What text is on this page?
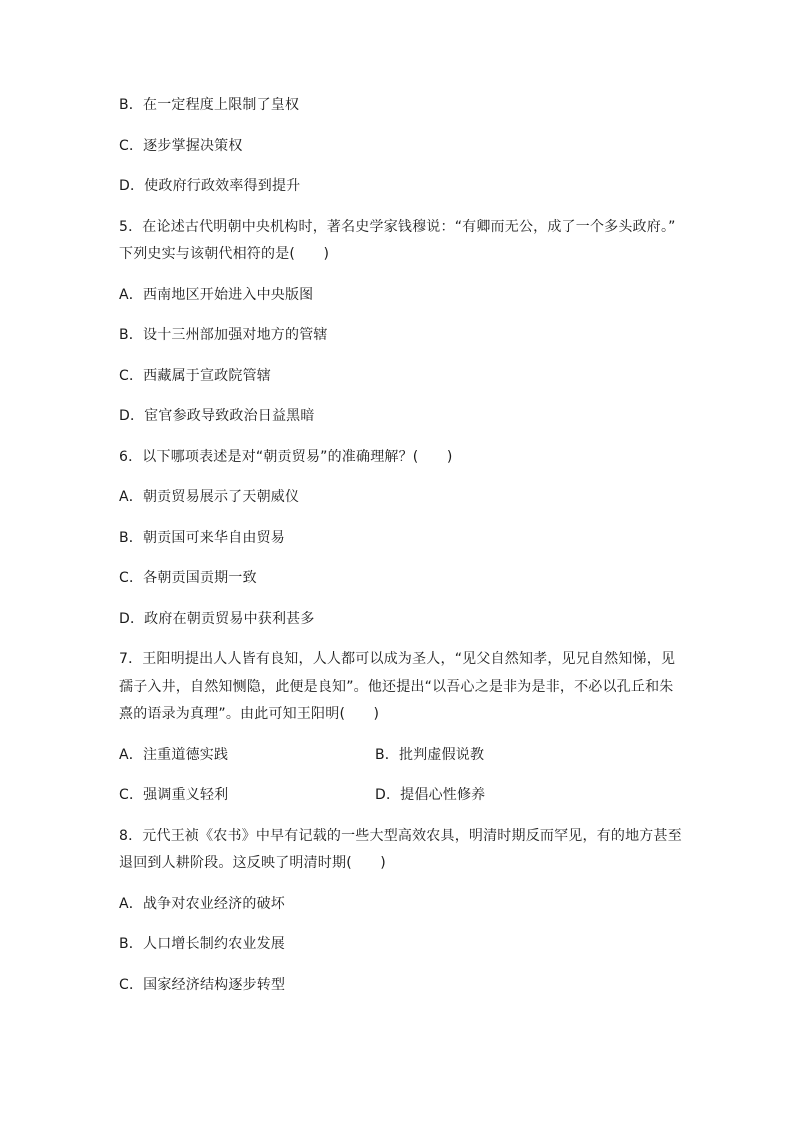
B．在一定程度上限制了皇权
C．逐步掌握决策权
D．使政府行政效率得到提升
5．在论述古代明朝中央机构时，著名史学家钱穆说：“有卿而无公，成了一个多头政府。”
下列史实与该朝代相符的是(　　)
A．西南地区开始进入中央版图
B．设十三州部加强对地方的管辖
C．西藏属于宣政院管辖
D．宦官参政导致政治日益黑暗
6．以下哪项表述是对“朝贡贸易”的准确理解？(　　)
A．朝贡贸易展示了天朝威仪
B．朝贡国可来华自由贸易
C．各朝贡国贡期一致
D．政府在朝贡贸易中获利甚多
7．王阳明提出人人皆有良知，人人都可以成为圣人，“见父自然知孝，见兄自然知悌，见
孺子入井，自然知恻隐，此便是良知”。他还提出“以吾心之是非为是非，不必以孔丘和朱
熹的语录为真理”。由此可知王阳明(　　)
A．注重道德实践	B．批判虚假说教
C．强调重义轻利	D．提倡心性修养
8．元代王祯《农书》中早有记载的一些大型高效农具，明清时期反而罕见，有的地方甚至
退回到人耕阶段。这反映了明清时期(　　)
A．战争对农业经济的破坏
B．人口增长制约农业发展
C．国家经济结构逐步转型
